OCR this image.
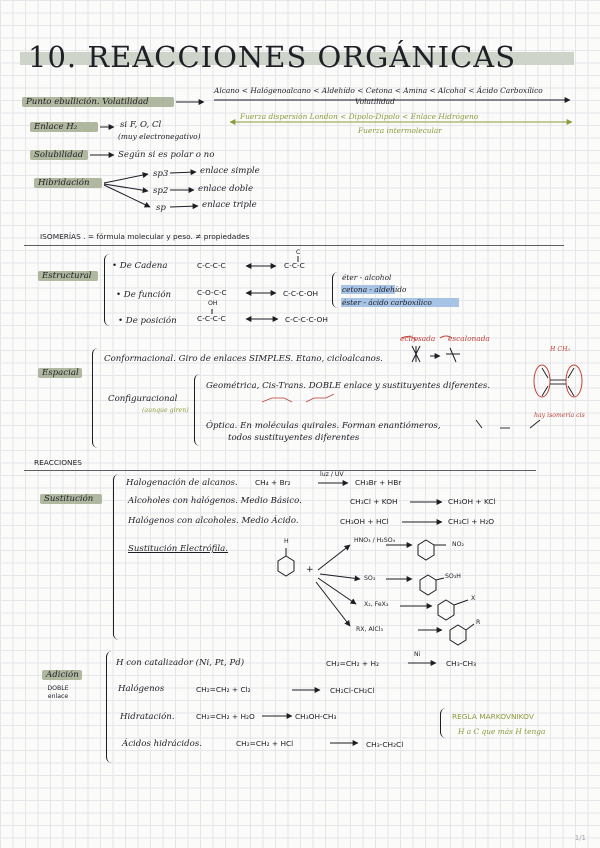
10. REACCIONES ORGÁNICAS
Punto ebullición. Volatilidad
Alcano < Halógenoalcano < Aldehído < Cetona < Amina < Alcohol < Ácido Carboxílico
Volatilidad
Fuerza dispersión London < Dipolo-Dipolo < Enlace Hidrógeno
Fuerza intermolecular
Enlace H₂	si F, O, Cl
(muy electronegativo)
Solubilidad	Según si es polar o no
Hibridación
sp3	enlace simple
sp2	enlace doble
sp	enlace triple
ISOMERÍAS . = fórmula molecular y peso. ≠ propiedades
Estructural
• De Cadena	C-C-C-C
C
C-C-C
• De función	C-O-C-C	C-C-C-OH
éter - alcohol
cetona - aldehído
éster - ácido carboxílico
OH
• De posición	C-C-C-C	C-C-C-C-OH
Espacial
Conformacional. Giro de enlaces SIMPLES. Etano, cicloalcanos.
eclipsada escalonada
Configuracional
(aunque giren)
Geométrica, Cis-Trans. DOBLE enlace y sustituyentes diferentes.
Óptica. En moléculas quirales. Forman enantiómeros,
todos sustituyentes diferentes
H CH₃
hay isomería cis
REACCIONES
Sustitución
Halogenación de alcanos. CH₄ + Br₂
luz / UV
CH₃Br + HBr
Alcoholes con halógenos. Medio Básico.	CH₃Cl + KOH	CH₃OH + KCl
Halógenos con alcoholes. Medio Ácido.	CH₃OH + HCl	CH₃Cl + H₂O
Sustitución Electrófila.
H
+
HNO₃ / H₂SO₄
NO₂
SO₃	SO₃H
X₂, FeX₃
X
RX, AlCl₃
R
Adición
DOBLE enlace
H con catalizador (Ni, Pt, Pd)	CH₂=CH₂ + H₂
Ni
CH₃-CH₃
Halógenos	CH₂=CH₂ + Cl₂	CH₂Cl-CH₂Cl
Hidratación.	CH₂=CH₂ + H₂O	CH₃OH-CH₃
Ácidos hidrácidos.	CH₂=CH₂ + HCl	CH₃-CH₂Cl
REGLA MARKOVNIKOV
H a C que más H tenga
1/1
